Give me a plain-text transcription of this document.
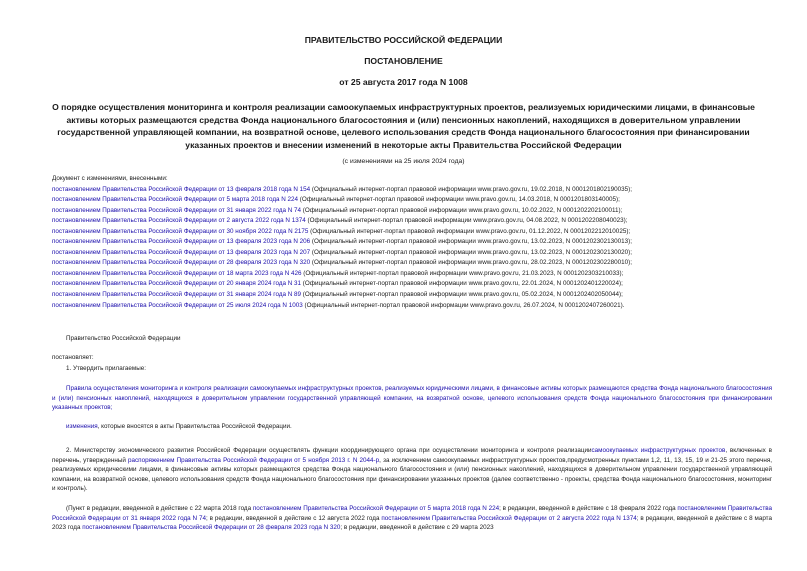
ПРАВИТЕЛЬСТВО РОССИЙСКОЙ ФЕДЕРАЦИИ
ПОСТАНОВЛЕНИЕ
от 25 августа 2017 года N 1008
О порядке осуществления мониторинга и контроля реализации самоокупаемых инфраструктурных проектов, реализуемых юридическими лицами, в финансовые
активы которых размещаются средства Фонда национального благосостояния и (или) пенсионных накоплений, находящихся в доверительном управлении
государственной управляющей компании, на возвратной основе, целевого использования средств Фонда национального благосостояния при финансировании
указанных проектов и внесении изменений в некоторые акты Правительства Российской Федерации
(с изменениями на 25 июля 2024 года)
Документ с изменениями, внесенными:
постановлением Правительства Российской Федерации от 13 февраля 2018 года N 154 (Официальный интернет-портал правовой информации www.pravo.gov.ru, 19.02.2018, N 0001201802190035);
постановлением Правительства Российской Федерации от 5 марта 2018 года N 224 (Официальный интернет-портал правовой информации www.pravo.gov.ru, 14.03.2018, N 0001201803140005);
постановлением Правительства Российской Федерации от 31 января 2022 года N 74 (Официальный интернет-портал правовой информации www.pravo.gov.ru, 10.02.2022, N 0001202202100011);
постановлением Правительства Российской Федерации от 2 августа 2022 года N 1374 (Официальный интернет-портал правовой информации www.pravo.gov.ru, 04.08.2022, N 0001202208040023);
постановлением Правительства Российской Федерации от 30 ноября 2022 года N 2175 (Официальный интернет-портал правовой информации www.pravo.gov.ru, 01.12.2022, N 0001202212010025);
постановлением Правительства Российской Федерации от 13 февраля 2023 года N 206 (Официальный интернет-портал правовой информации www.pravo.gov.ru, 13.02.2023, N 0001202302130013);
постановлением Правительства Российской Федерации от 13 февраля 2023 года N 207 (Официальный интернет-портал правовой информации www.pravo.gov.ru, 13.02.2023, N 0001202302130020);
постановлением Правительства Российской Федерации от 28 февраля 2023 года N 320 (Официальный интернет-портал правовой информации www.pravo.gov.ru, 28.02.2023, N 0001202302280010);
постановлением Правительства Российской Федерации от 18 марта 2023 года N 426 (Официальный интернет-портал правовой информации www.pravo.gov.ru, 21.03.2023, N 0001202303210033);
постановлением Правительства Российской Федерации от 20 января 2024 года N 31 (Официальный интернет-портал правовой информации www.pravo.gov.ru, 22.01.2024, N 0001202401220024);
постановлением Правительства Российской Федерации от 31 января 2024 года N 89 (Официальный интернет-портал правовой информации www.pravo.gov.ru, 05.02.2024, N 0001202402050044);
постановлением Правительства Российской Федерации от 25 июля 2024 года N 1003 (Официальный интернет-портал правовой информации www.pravo.gov.ru, 26.07.2024, N 0001202407260021).
Правительство Российской Федерации
постановляет:
1. Утвердить прилагаемые:
Правила осуществления мониторинга и контроля реализации самоокупаемых инфраструктурных проектов, реализуемых юридическими лицами, в финансовые активы которых размещаются средства Фонда национального благосостояния и (или) пенсионных накоплений, находящихся в доверительном управлении государственной управляющей компании, на возвратной основе, целевого использования средств Фонда национального благосостояния при финансировании указанных проектов;
изменения, которые вносятся в акты Правительства Российской Федерации.
2. Министерству экономического развития Российской Федерации осуществлять функции координирующего органа при осуществлении мониторинга и контроля реализациисамоокупаемых инфраструктурных проектов, включенных в перечень, утвержденный распоряжением Правительства Российской Федерации от 5 ноября 2013 г. N 2044-р, за исключением самоокупаемых инфраструктурных проектов,предусмотренных пунктами 1,2, 11, 13, 15, 19 и 21-25 этого перечня, реализуемых юридическими лицами, в финансовые активы которых размещаются средства Фонда национального благосостояния и (или) пенсионных накоплений, находящихся в доверительном управлении государственной управляющей компании, на возвратной основе, целевого использования средств Фонда национального благосостояния при финансировании указанных проектов (далее соответственно - проекты, средства Фонда национального благосостояния, мониторинг и контроль).
(Пункт в редакции, введенной в действие с 22 марта 2018 года постановлением Правительства Российской Федерации от 5 марта 2018 года N 224; в редакции, введенной в действие с 18 февраля 2022 года постановлением Правительства Российской Федерации от 31 января 2022 года N 74; в редакции, введенной в действие с 12 августа 2022 года постановлением Правительства Российской Федерации от 2 августа 2022 года N 1374; в редакции, введенной в действие с 8 марта 2023 года постановлением Правительства Российской Федерации от 28 февраля 2023 года N 320; в редакции, введенной в действие с 29 марта 2023
